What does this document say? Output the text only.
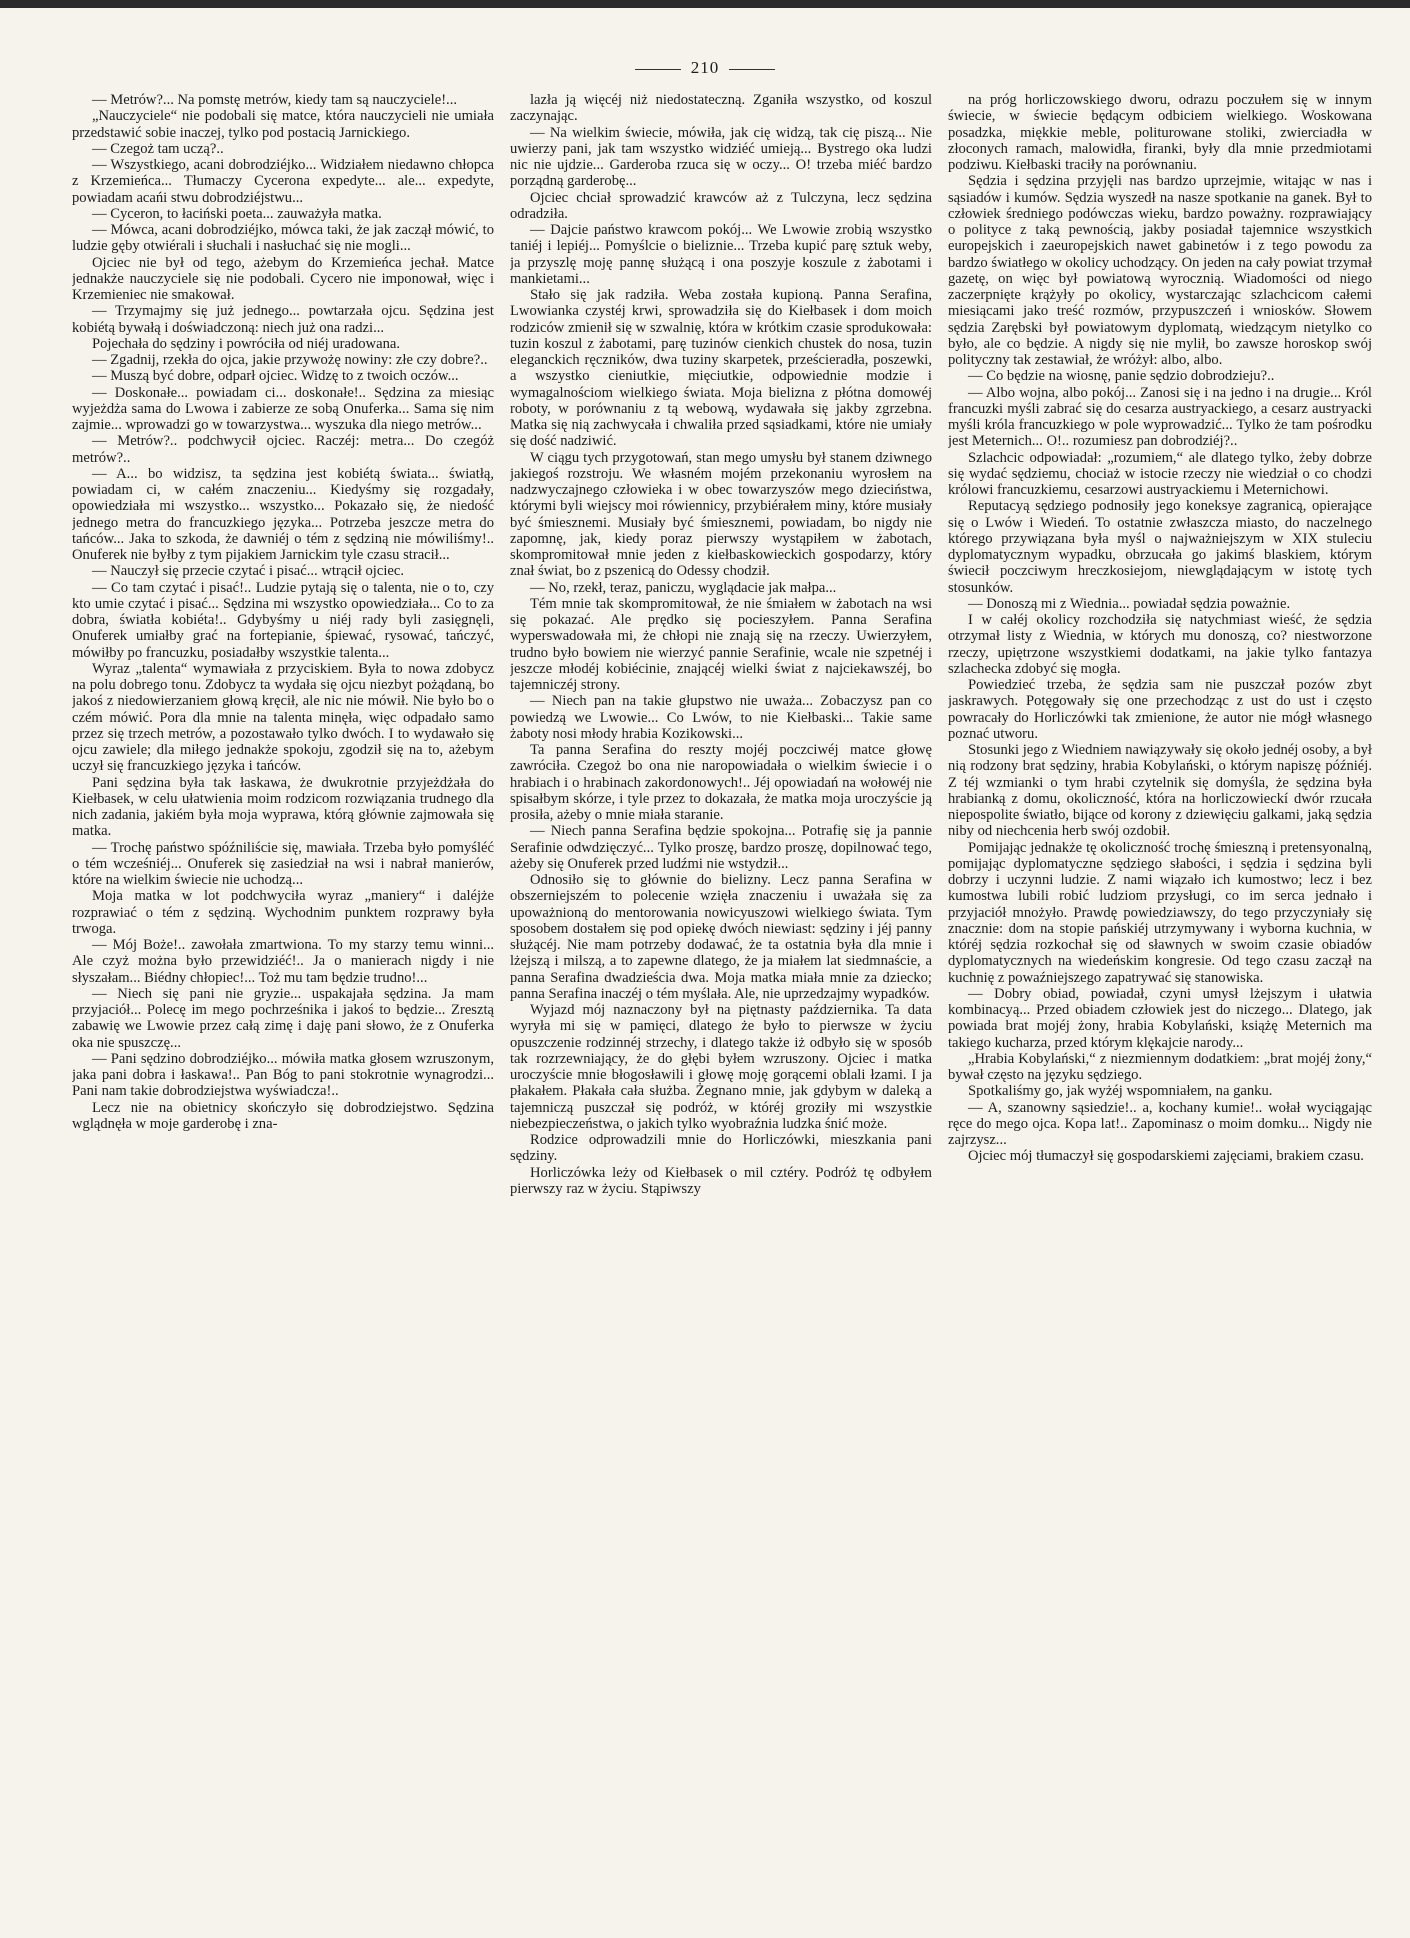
210

— Metrów?... Na pomstę metrów, kiedy tam są nauczyciele!...

„Nauczyciele“ nie podobali się matce, która nauczycieli nie umiała przedstawić sobie inaczej, tylko pod postacią Jarnickiego.

— Czegoż tam uczą?..

— Wszystkiego, acani dobrodziéjko... Widziałem niedawno chłopca z Krzemieńca... Tłumaczy Cycerona expedyte... ale... expedyte, powiadam acańi stwu dobrodziéjstwu...

— Cyceron, to łaciński poeta... zauważyła matka.

— Mówca, acani dobrodziéjko, mówca taki, że jak zaczął mówić, to ludzie gęby otwiérali i słuchali i nasłuchać się nie mogli...

Ojciec nie był od tego, ażebym do Krzemieńca jechał. Matce jednakże nauczyciele się nie podobali. Cycero nie imponował, więc i Krzemieniec nie smakował.

— Trzymajmy się już jednego... powtarzała ojcu. Sędzina jest kobiétą bywałą i doświadczoną: niech już ona radzi...

Pojechała do sędziny i powróciła od niéj uradowana.

— Zgadnij, rzekła do ojca, jakie przywożę nowiny: złe czy dobre?..

— Muszą być dobre, odparł ojciec. Widzę to z twoich oczów...

— Doskonałe... powiadam ci... doskonałe!.. Sędzina za miesiąc wyjeżdża sama do Lwowa i zabierze ze sobą Onuferka... Sama się nim zajmie... wprowadzi go w towarzystwa... wyszuka dla niego metrów...

— Metrów?.. podchwycił ojciec. Raczéj: metra... Do czegóż metrów?..

— A... bo widzisz, ta sędzina jest kobiétą świata... światłą, powiadam ci, w całém znaczeniu... Kiedyśmy się rozgadały, opowiedziała mi wszystko... wszystko... Pokazało się, że niedość jednego metra do francuzkiego języka... Potrzeba jeszcze metra do tańców... Jaka to szkoda, że dawniéj o tém z sędziną nie mówiliśmy!.. Onuferek nie byłby z tym pijakiem Jarnickim tyle czasu stracił...

— Nauczył się przecie czytać i pisać... wtrącił ojciec.

— Co tam czytać i pisać!.. Ludzie pytają się o talenta, nie o to, czy kto umie czytać i pisać... Sędzina mi wszystko opowiedziała... Co to za dobra, światła kobiéta!.. Gdybyśmy u niéj rady byli zasięgnęli, Onuferek umiałby grać na fortepianie, śpiewać, rysować, tańczyć, mówiłby po francuzku, posiadałby wszystkie talenta...

Wyraz „talenta“ wymawiała z przyciskiem. Była to nowa zdobycz na polu dobrego tonu. Zdobycz ta wydała się ojcu niezbyt pożądaną, bo jakoś z niedowierzaniem głową kręcił, ale nic nie mówił. Nie było bo o czém mówić. Pora dla mnie na talenta minęła, więc odpadało samo przez się trzech metrów, a pozostawało tylko dwóch. I to wydawało się ojcu zawiele; dla miłego jednakże spokoju, zgodził się na to, ażebym uczył się francuzkiego języka i tańców.

Pani sędzina była tak łaskawa, że dwukrotnie przyjeżdżała do Kiełbasek, w celu ułatwienia moim rodzicom rozwiązania trudnego dla nich zadania, jakiém była moja wyprawa, którą głównie zajmowała się matka.

— Trochę państwo spóźniliście się, mawiała. Trzeba było pomyśléć o tém wcześniéj... Onuferek się zasiedział na wsi i nabrał manierów, które na wielkim świecie nie uchodzą...

Moja matka w lot podchwyciła wyraz „maniery“ i daléjże rozprawiać o tém z sędziną. Wychodnim punktem rozprawy była trwoga.

— Mój Boże!.. zawołała zmartwiona. To my starzy temu winni... Ale czyż można było przewidziéć!.. Ja o manierach nigdy i nie słyszałam... Biédny chłopiec!... Toż mu tam będzie trudno!...

— Niech się pani nie gryzie... uspakajała sędzina. Ja mam przyjaciół... Polecę im mego pochrześnika i jakoś to będzie... Zresztą zabawię we Lwowie przez całą zimę i daję pani słowo, że z Onuferka oka nie spuszczę...

— Pani sędzino dobrodziéjko... mówiła matka głosem wzruszonym, jaka pani dobra i łaskawa!.. Pan Bóg to pani stokrotnie wynagrodzi... Pani nam takie dobrodziejstwa wyświadcza!..

Lecz nie na obietnicy skończyło się dobrodziejstwo. Sędzina wglądnęła w moje garderobę i zna-

lazła ją więcéj niż niedostateczną. Zganiła wszystko, od koszul zaczynając.

— Na wielkim świecie, mówiła, jak cię widzą, tak cię piszą... Nie uwierzy pani, jak tam wszystko widziéć umieją... Bystrego oka ludzi nic nie ujdzie... Garderoba rzuca się w oczy... O! trzeba miéć bardzo porządną garderobę...

Ojciec chciał sprowadzić krawców aż z Tulczyna, lecz sędzina odradziła.

— Dajcie państwo krawcom pokój... We Lwowie zrobią wszystko taniéj i lepiéj... Pomyślcie o bieliznie... Trzeba kupić parę sztuk weby, ja przyszlę moję pannę służącą i ona poszyje koszule z żabotami i mankietami...

Stało się jak radziła. Weba została kupioną. Panna Serafina, Lwowianka czystéj krwi, sprowadziła się do Kiełbasek i dom moich rodziców zmienił się w szwalnię, która w krótkim czasie sprodukowała: tuzin koszul z żabotami, parę tuzinów cienkich chustek do nosa, tuzin eleganckich ręczników, dwa tuziny skarpetek, prześcieradła, poszewki, a wszystko cieniutkie, mięciutkie, odpowiednie modzie i wymagalnościom wielkiego świata. Moja bielizna z płótna domowéj roboty, w porównaniu z tą webową, wydawała się jakby zgrzebna. Matka się nią zachwycała i chwaliła przed sąsiadkami, które nie umiały się dość nadziwić.

W ciągu tych przygotowań, stan mego umysłu był stanem dziwnego jakiegoś rozstroju. We własném mojém przekonaniu wyrosłem na nadzwyczajnego człowieka i w obec towarzyszów mego dzieciństwa, którymi byli wiejscy moi rówiennicy, przybiérałem miny, które musiały być śmiesznemi. Musiały być śmiesznemi, powiadam, bo nigdy nie zapomnę, jak, kiedy poraz pierwszy wystąpiłem w żabotach, skompromitował mnie jeden z kiełbaskowieckich gospodarzy, który znał świat, bo z pszenicą do Odessy chodził.

— No, rzekł, teraz, paniczu, wyglądacie jak małpa...

Tém mnie tak skompromitował, że nie śmiałem w żabotach na wsi się pokazać. Ale prędko się pocieszyłem. Panna Serafina wyperswadowała mi, że chłopi nie znają się na rzeczy. Uwierzyłem, trudno było bowiem nie wierzyć pannie Serafinie, wcale nie szpetnéj i jeszcze młodéj kobiécinie, znającéj wielki świat z najciekawszéj, bo tajemniczéj strony.

— Niech pan na takie głupstwo nie uważa... Zobaczysz pan co powiedzą we Lwowie... Co Lwów, to nie Kiełbaski... Takie same żaboty nosi młody hrabia Kozikowski...

Ta panna Serafina do reszty mojéj poczciwéj matce głowę zawróciła. Czegoż bo ona nie naropowiadała o wielkim świecie i o hrabiach i o hrabinach zakordonowych!.. Jéj opowiadań na wołowéj nie spisałbym skórze, i tyle przez to dokazała, że matka moja uroczyście ją prosiła, ażeby o mnie miała staranie.

— Niech panna Serafina będzie spokojna... Potrafię się ja pannie Serafinie odwdzięczyć... Tylko proszę, bardzo proszę, dopilnować tego, ażeby się Onuferek przed ludźmi nie wstydził...

Odnosiło się to głównie do bielizny. Lecz panna Serafina w obszerniejszém to polecenie wzięła znaczeniu i uważała się za upoważnioną do mentorowania nowicyuszowi wielkiego świata. Tym sposobem dostałem się pod opiekę dwóch niewiast: sędziny i jéj panny służącéj. Nie mam potrzeby dodawać, że ta ostatnia była dla mnie i lżejszą i milszą, a to zapewne dlatego, że ja miałem lat siedmnaście, a panna Serafina dwadzieścia dwa. Moja matka miała mnie za dziecko; panna Serafina inaczéj o tém myślała. Ale, nie uprzedzajmy wypadków.

Wyjazd mój naznaczony był na piętnasty października. Ta data wyryła mi się w pamięci, dlatego że było to pierwsze w życiu opuszczenie rodzinnéj strzechy, i dlatego także iż odbyło się w sposób tak rozrzewniający, że do głębi byłem wzruszony. Ojciec i matka uroczyście mnie błogosławili i głowę moję gorącemi oblali łzami. I ja płakałem. Płakała cała służba. Żegnano mnie, jak gdybym w daleką a tajemniczą puszczał się podróż, w któréj groziły mi wszystkie niebezpieczeństwa, o jakich tylko wyobraźnia ludzka śnić może.

Rodzice odprowadzili mnie do Horliczówki, mieszkania pani sędziny.

Horliczówka leży od Kiełbasek o mil cztéry. Podróż tę odbyłem pierwszy raz w życiu. Stąpiwszy

na próg horliczowskiego dworu, odrazu poczułem się w innym świecie, w świecie będącym odbiciem wielkiego. Woskowana posadzka, miękkie meble, politurowane stoliki, zwierciadła w złoconych ramach, malowidła, firanki, były dla mnie przedmiotami podziwu. Kiełbaski traciły na porównaniu.

Sędzia i sędzina przyjęli nas bardzo uprzejmie, witając w nas i sąsiadów i kumów. Sędzia wyszedł na nasze spotkanie na ganek. Był to człowiek średniego podówczas wieku, bardzo poważny. rozprawiający o polityce z taką pewnością, jakby posiadał tajemnice wszystkich europejskich i zaeuropejskich nawet gabinetów i z tego powodu za bardzo światłego w okolicy uchodzący. On jeden na cały powiat trzymał gazetę, on więc był powiatową wyrocznią. Wiadomości od niego zaczerpnięte krążyły po okolicy, wystarczając szlachcicom całemi miesiącami jako treść rozmów, przypuszczeń i wniosków. Słowem sędzia Zarębski był powiatowym dyplomatą, wiedzącym nietylko co było, ale co będzie. A nigdy się nie mylił, bo zawsze horoskop swój polityczny tak zestawiał, że wróżył: albo, albo.

— Co będzie na wiosnę, panie sędzio dobrodzieju?..

— Albo wojna, albo pokój... Zanosi się i na jedno i na drugie... Król francuzki myśli zabrać się do cesarza austryackiego, a cesarz austryacki myśli króla francuzkiego w pole wyprowadzić... Tylko że tam pośrodku jest Meternich... O!.. rozumiesz pan dobrodziéj?..

Szlachcic odpowiadał: „rozumiem,“ ale dlatego tylko, żeby dobrze się wydać sędziemu, chociaż w istocie rzeczy nie wiedział o co chodzi królowi francuzkiemu, cesarzowi austryackiemu i Meternichowi.

Reputacyą sędziego podnosiły jego koneksye zagranicą, opierające się o Lwów i Wiedeń. To ostatnie zwłaszcza miasto, do naczelnego którego przywiązana była myśl o najważniejszym w XIX stuleciu dyplomatycznym wypadku, obrzucała go jakimś blaskiem, którym świecił poczciwym hreczkosiejom, niewglądającym w istotę tych stosunków.

— Donoszą mi z Wiednia... powiadał sędzia poważnie.

I w całéj okolicy rozchodziła się natychmiast wieść, że sędzia otrzymał listy z Wiednia, w których mu donoszą, co? niestworzone rzeczy, upiętrzone wszystkiemi dodatkami, na jakie tylko fantazya szlachecka zdobyć się mogła.

Powiedzieć trzeba, że sędzia sam nie puszczał pozów zbyt jaskrawych. Potęgowały się one przechodząc z ust do ust i często powracały do Horliczówki tak zmienione, że autor nie mógł własnego poznać utworu.

Stosunki jego z Wiedniem nawiązywały się około jednéj osoby, a był nią rodzony brat sędziny, hrabia Kobylański, o którym napiszę późniéj. Z téj wzmianki o tym hrabi czytelnik się domyśla, że sędzina była hrabianką z domu, okoliczność, która na horliczowieckí dwór rzucała niepospolite światło, bijące od korony z dziewięciu galkami, jaką sędzia niby od niechcenia herb swój ozdobił.

Pomijając jednakże tę okoliczność trochę śmieszną i pretensyonalną, pomijając dyplomatyczne sędziego słabości, i sędzia i sędzina byli dobrzy i uczynni ludzie. Z nami wiązało ich kumostwo; lecz i bez kumostwa lubili robić ludziom przysługi, co im serca jednało i przyjaciół mnożyło. Prawdę powiedziawszy, do tego przyczyniały się znacznie: dom na stopie pańskiéj utrzymywany i wyborna kuchnia, w któréj sędzia rozkochał się od sławnych w swoim czasie obiadów dyplomatycznych na wiedeńskim kongresie. Od tego czasu zaczął na kuchnię z powaźniejszego zapatrywać się stanowiska.

— Dobry obiad, powiadał, czyni umysł lżejszym i ułatwia kombinacyą... Przed obiadem człowiek jest do niczego... Dlatego, jak powiada brat mojéj żony, hrabia Kobylański, książę Meternich ma takiego kucharza, przed którym klękajcie narody...

„Hrabia Kobylański,“ z niezmiennym dodatkiem: „brat mojéj żony,“ bywał często na języku sędziego.

Spotkaliśmy go, jak wyżéj wspomniałem, na ganku.

— A, szanowny sąsiedzie!.. a, kochany kumie!.. wołał wyciągając ręce do mego ojca. Kopa lat!.. Zapominasz o moim domku... Nigdy nie zajrzysz...

Ojciec mój tłumaczył się gospodarskiemi zajęciami, brakiem czasu.
